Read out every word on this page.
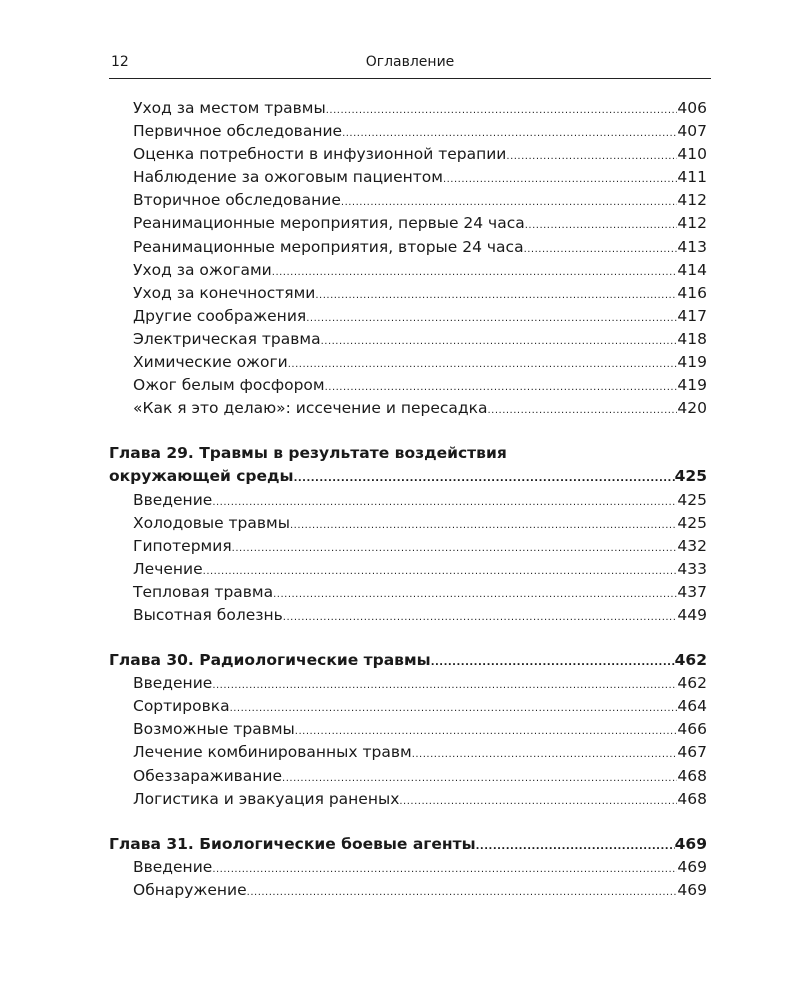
12	Оглавление
Уход за местом травмы .....	406
Первичное обследование .....	407
Оценка потребности в инфузионной терапии .....	410
Наблюдение за ожоговым пациентом .....	411
Вторичное обследование .....	412
Реанимационные мероприятия, первые 24 часа .....	412
Реанимационные мероприятия, вторые 24 часа .....	413
Уход за ожогами .....	414
Уход за конечностями .....	416
Другие соображения .....	417
Электрическая травма .....	418
Химические ожоги .....	419
Ожог белым фосфором .....	419
«Как я это делаю»: иссечение и пересадка .....	420
Глава 29. Травмы в результате воздействия
окружающей среды .....	425
Введение .....	425
Холодовые травмы .....	425
Гипотермия .....	432
Лечение .....	433
Тепловая травма .....	437
Высотная болезнь .....	449
Глава 30. Радиологические травмы .....	462
Введение .....	462
Сортировка .....	464
Возможные травмы .....	466
Лечение комбинированных травм .....	467
Обеззараживание .....	468
Логистика и эвакуация раненых .....	468
Глава 31. Биологические боевые агенты .....	469
Введение .....	469
Обнаружение .....	469
